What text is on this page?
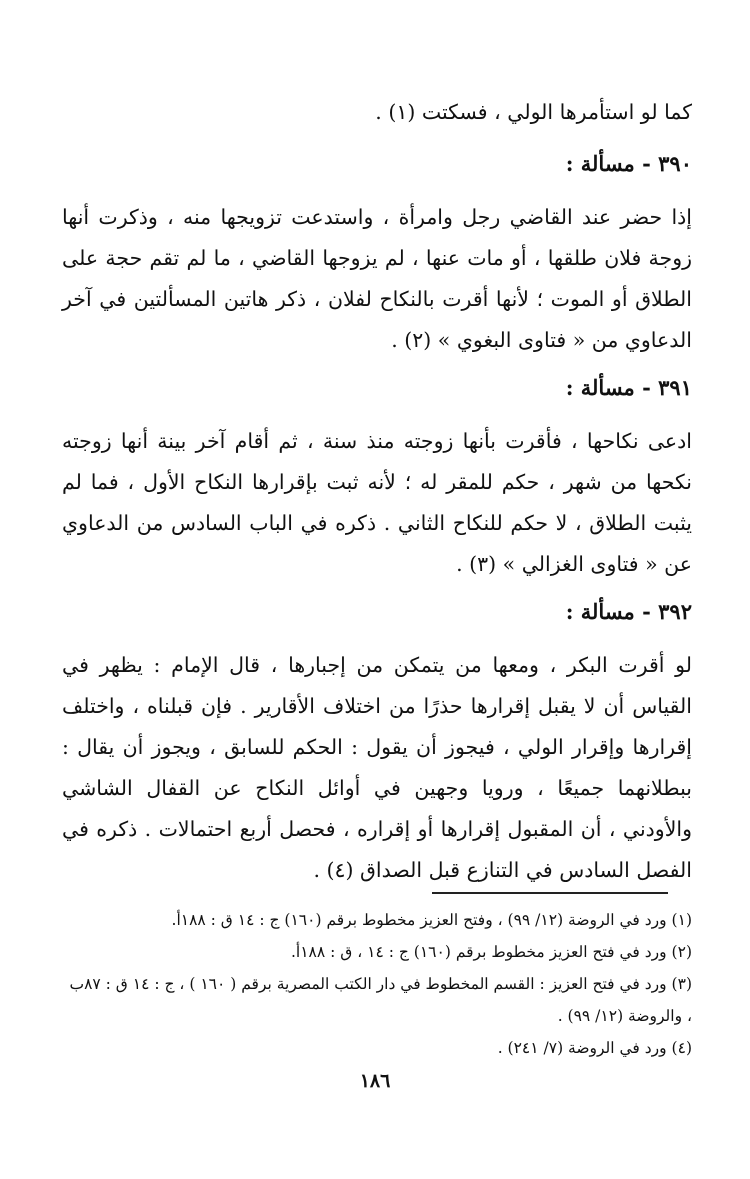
كما لو استأمرها الولي ، فسكتت (١) .

٣٩٠ - مسألة :

إذا حضر عند القاضي رجل وامرأة ، واستدعت تزويجها منه ، وذكرت أنها زوجة فلان طلقها ، أو مات عنها ، لم يزوجها القاضي ، ما لم تقم حجة على الطلاق أو الموت ؛ لأنها أقرت بالنكاح لفلان ، ذكر هاتين المسألتين في آخر الدعاوي من « فتاوى البغوي » (٢) .

٣٩١ - مسألة :

ادعى نكاحها ، فأقرت بأنها زوجته منذ سنة ، ثم أقام آخر بينة أنها زوجته نكحها من شهر ، حكم للمقر له ؛ لأنه ثبت بإقرارها النكاح الأول ، فما لم يثبت الطلاق ، لا حكم للنكاح الثاني . ذكره في الباب السادس من الدعاوي عن « فتاوى الغزالي » (٣) .

٣٩٢ - مسألة :

لو أقرت البكر ، ومعها من يتمكن من إجبارها ، قال الإمام : يظهر في القياس أن لا يقبل إقرارها حذرًا من اختلاف الأقارير . فإن قبلناه ، واختلف إقرارها وإقرار الولي ، فيجوز أن يقول : الحكم للسابق ، ويجوز أن يقال : ببطلانهما جميعًا ، ورويا وجهين في أوائل النكاح عن القفال الشاشي والأودني ، أن المقبول إقرارها أو إقراره ، فحصل أربع احتمالات . ذكره في الفصل السادس في التنازع قبل الصداق (٤) .

(١) ورد في الروضة (١٢/ ٩٩) ، وفتح العزيز مخطوط برقم (١٦٠) ج : ١٤ ق : ١٨٨أ.

(٢) ورد في فتح العزيز مخطوط برقم (١٦٠) ج : ١٤ ، ق : ١٨٨أ.

(٣) ورد في فتح العزيز : القسم المخطوط في دار الكتب المصرية برقم ( ١٦٠ ) ، ج : ١٤ ق : ٨٧ب ، والروضة (١٢/ ٩٩) .

(٤) ورد في الروضة (٧/ ٢٤١) .

١٨٦
